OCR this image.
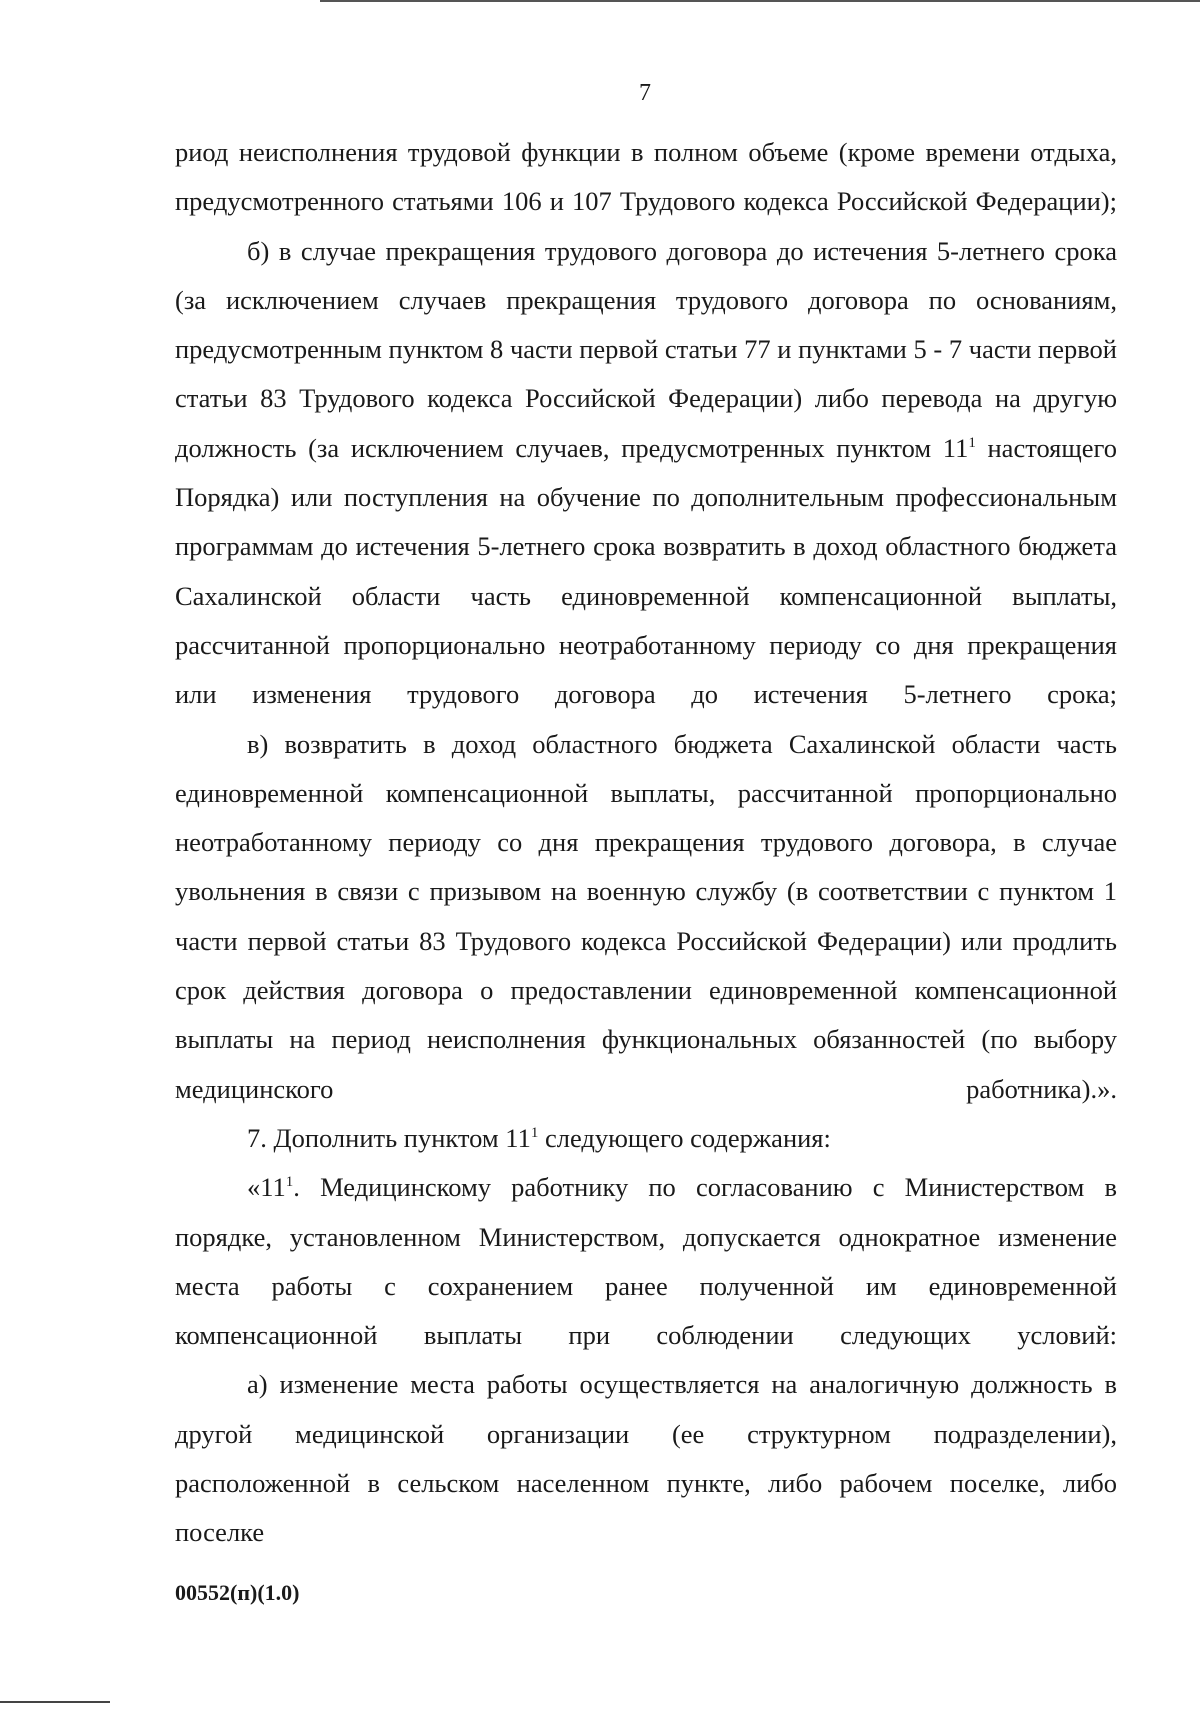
7

риод неисполнения трудовой функции в полном объеме (кроме времени отдыха, предусмотренного статьями 106 и 107 Трудового кодекса Российской Федерации);

б) в случае прекращения трудового договора до истечения 5-летнего срока (за исключением случаев прекращения трудового договора по основаниям, предусмотренным пунктом 8 части первой статьи 77 и пунктами 5 - 7 части первой статьи 83 Трудового кодекса Российской Федерации) либо перевода на другую должность (за исключением случаев, предусмотренных пунктом $11^1$ настоящего Порядка) или поступления на обучение по дополнительным профессиональным программам до истечения 5-летнего срока возвратить в доход областного бюджета Сахалинской области часть единовременной компенсационной выплаты, рассчитанной пропорционально неотработанному периоду со дня прекращения или изменения трудового договора до истечения 5-летнего срока;

в) возвратить в доход областного бюджета Сахалинской области часть единовременной компенсационной выплаты, рассчитанной пропорционально неотработанному периоду со дня прекращения трудового договора, в случае увольнения в связи с призывом на военную службу (в соответствии с пунктом 1 части первой статьи 83 Трудового кодекса Российской Федерации) или продлить срок действия договора о предоставлении единовременной компенсационной выплаты на период неисполнения функциональных обязанностей (по выбору медицинского работника).».

7. Дополнить пунктом $11^1$ следующего содержания:

«$11^1$. Медицинскому работнику по согласованию с Министерством в порядке, установленном Министерством, допускается однократное изменение места работы с сохранением ранее полученной им единовременной компенсационной выплаты при соблюдении следующих условий:

а) изменение места работы осуществляется на аналогичную должность в другой медицинской организации (ее структурном подразделении), расположенной в сельском населенном пункте, либо рабочем поселке, либо поселке

00552(п)(1.0)
